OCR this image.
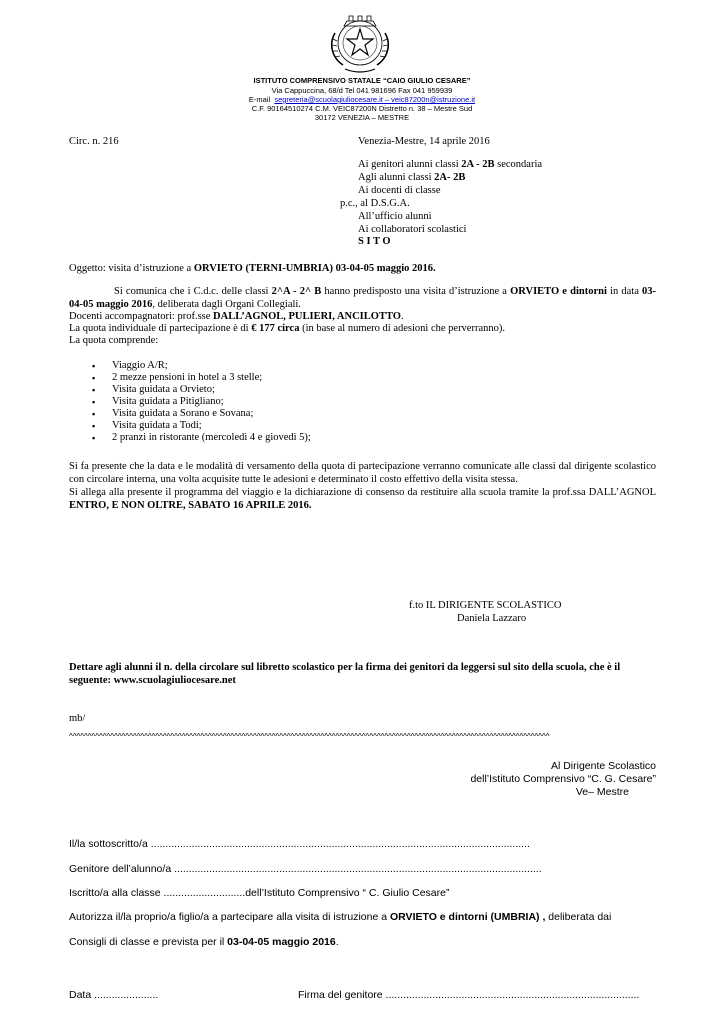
ISTITUTO COMPRENSIVO STATALE “CAIO GIULIO CESARE”
Via Cappuccina, 68/d Tel 041 981696 Fax 041 959939
E-mail segreteria@scuolagiuliocesare.it – veic87200n@istruzione.it
C.F. 90164510274 C.M. VEIC87200N Distretto n. 38 – Mestre Sud
30172 VENEZIA – MESTRE
Circ. n. 216	Venezia-Mestre, 14 aprile 2016
Ai genitori alunni classi 2A - 2B secondaria
Agli alunni classi 2A- 2B
Ai docenti di classe
p.c., al D.S.G.A.
All’ufficio alunni
Ai collaboratori scolastici
S I T O
Oggetto: visita d’istruzione a ORVIETO (TERNI-UMBRIA) 03-04-05 maggio 2016.
Si comunica che i C.d.c. delle classi 2^A - 2^ B hanno predisposto una visita d’istruzione a ORVIETO e dintorni in data 03-04-05 maggio 2016, deliberata dagli Organi Collegiali.
Docenti accompagnatori: prof.sse DALL’AGNOL, PULIERI, ANCILOTTO.
La quota individuale di partecipazione è di € 177 circa (in base al numero di adesioni che perverranno).
La quota comprende:
▪ Viaggio A/R;
▪ 2 mezze pensioni in hotel a 3 stelle;
▪ Visita guidata a Orvieto;
▪ Visita guidata a Pitigliano;
▪ Visita guidata a Sorano e Sovana;
▪ Visita guidata a Todi;
▪ 2 pranzi in ristorante (mercoledì 4 e giovedì 5);
Si fa presente che la data e le modalità di versamento della quota di partecipazione verranno comunicate alle classi dal dirigente scolastico con circolare interna, una volta acquisite tutte le adesioni e determinato il costo effettivo della visita stessa.
Si allega alla presente il programma del viaggio e la dichiarazione di consenso da restituire alla scuola tramite la prof.ssa DALL’AGNOL ENTRO, E NON OLTRE, SABATO 16 APRILE 2016.
f.to IL DIRIGENTE SCOLASTICO
Daniela Lazzaro
Dettare agli alunni il n. della circolare sul libretto scolastico per la firma dei genitori da leggersi sul sito della scuola, che è il seguente: www.scuolagiuliocesare.net
mb/
^^^^^^^^^^^^^^^^^^^^^^^^^^^^^^^^^^^^^^^^^^^^^^^^^^^^^^^^^^^^^^^^^^^^^^^^^^^^^^^^^^^^^^^^^^^^^^^^^^^^^^^^^^^^^^^^^^^^^^^^^^^^^^^^
Al Dirigente Scolastico
dell’Istituto Comprensivo “C. G. Cesare”
Ve– Mestre
Il/la sottoscritto/a ..................................................................................................................................
Genitore dell’alunno/a ..............................................................................................................................
Iscritto/a alla classe ............................dell’Istituto Comprensivo “ C. Giulio Cesare”
Autorizza il/la proprio/a figlio/a a partecipare alla visita di istruzione a ORVIETO e dintorni (UMBRIA) , deliberata dai
Consigli di classe e prevista per il 03-04-05 maggio 2016.
Data ......................	Firma del genitore .......................................................................................
